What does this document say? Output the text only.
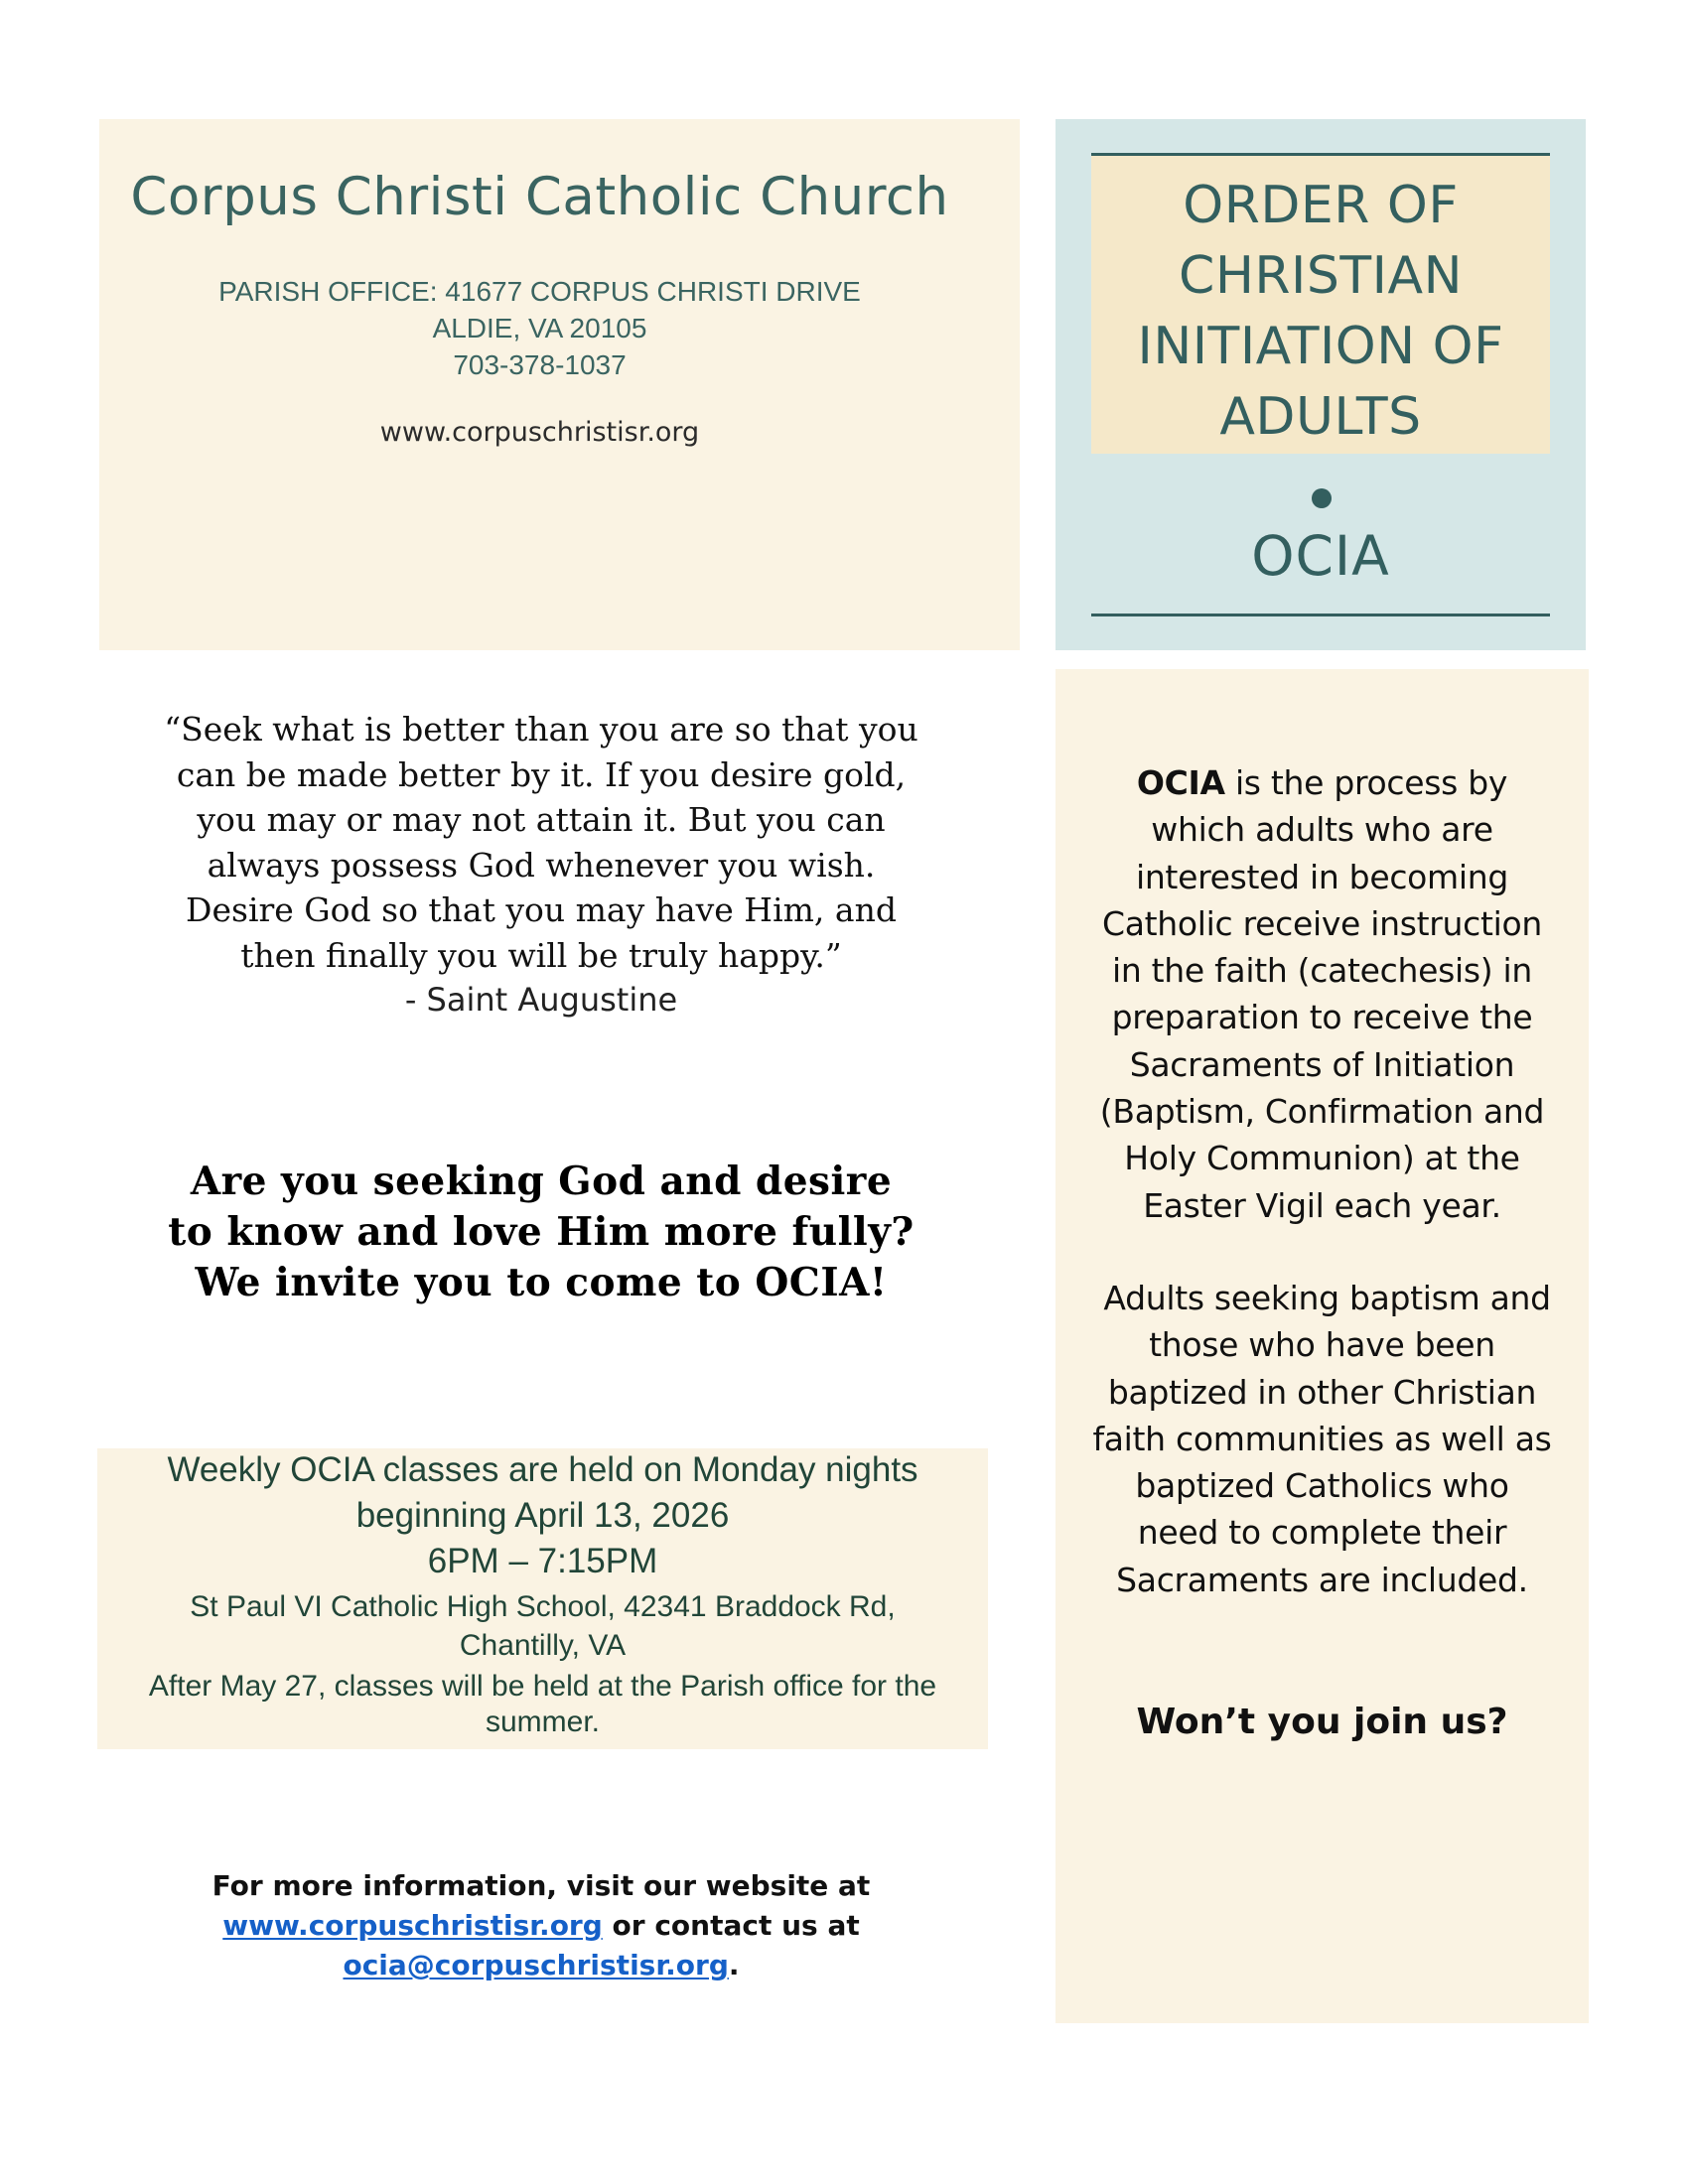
Corpus Christi Catholic Church
PARISH OFFICE: 41677 CORPUS CHRISTI DRIVE
ALDIE, VA 20105
703-378-1037
www.corpuschristisr.org
ORDER OF
CHRISTIAN
INITIATION OF
ADULTS
OCIA
“Seek what is better than you are so that you
can be made better by it. If you desire gold,
you may or may not attain it. But you can
always possess God whenever you wish.
Desire God so that you may have Him, and
then finally you will be truly happy.”
- Saint Augustine
Are you seeking God and desire
to know and love Him more fully?
We invite you to come to OCIA!
Weekly OCIA classes are held on Monday nights
beginning April 13, 2026
6PM – 7:15PM
St Paul VI Catholic High School, 42341 Braddock Rd,
Chantilly, VA
After May 27, classes will be held at the Parish office for the
summer.
For more information, visit our website at
www.corpuschristisr.org or contact us at
ocia@corpuschristisr.org.
OCIA is the process by
which adults who are
interested in becoming
Catholic receive instruction
in the faith (catechesis) in
preparation to receive the
Sacraments of Initiation
(Baptism, Confirmation and
Holy Communion) at the
Easter Vigil each year.
Adults seeking baptism and
those who have been
baptized in other Christian
faith communities as well as
baptized Catholics who
need to complete their
Sacraments are included.
Won’t you join us?
